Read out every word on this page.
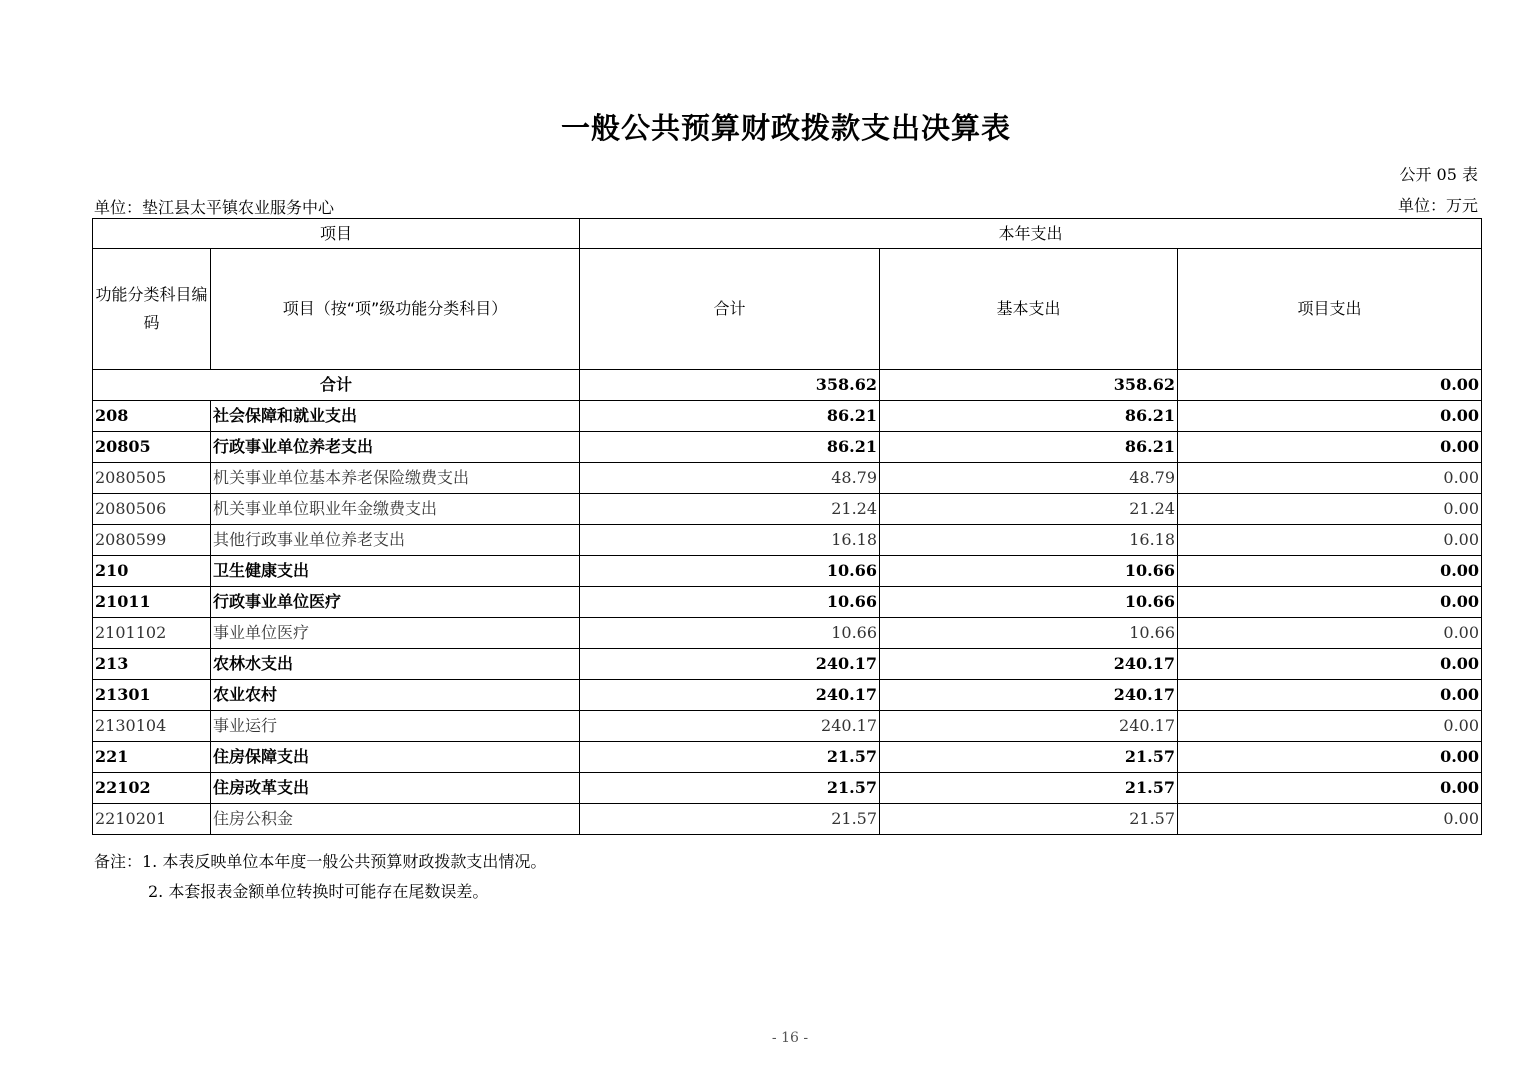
一般公共预算财政拨款支出决算表
公开 05 表
单位：垫江县太平镇农业服务中心	单位：万元
项目		本年支出		
功能分类科目编码	项目（按“项”级功能分类科目）	合计	基本支出	项目支出
合计		358.62	358.62	0.00
208	社会保障和就业支出	86.21	86.21	0.00
20805	行政事业单位养老支出	86.21	86.21	0.00
2080505	机关事业单位基本养老保险缴费支出	48.79	48.79	0.00
2080506	机关事业单位职业年金缴费支出	21.24	21.24	0.00
2080599	其他行政事业单位养老支出	16.18	16.18	0.00
210	卫生健康支出	10.66	10.66	0.00
21011	行政事业单位医疗	10.66	10.66	0.00
2101102	事业单位医疗	10.66	10.66	0.00
213	农林水支出	240.17	240.17	0.00
21301	农业农村	240.17	240.17	0.00
2130104	事业运行	240.17	240.17	0.00
221	住房保障支出	21.57	21.57	0.00
22102	住房改革支出	21.57	21.57	0.00
2210201	住房公积金	21.57	21.57	0.00
备注：1. 本表反映单位本年度一般公共预算财政拨款支出情况。
2. 本套报表金额单位转换时可能存在尾数误差。
- 16 -
